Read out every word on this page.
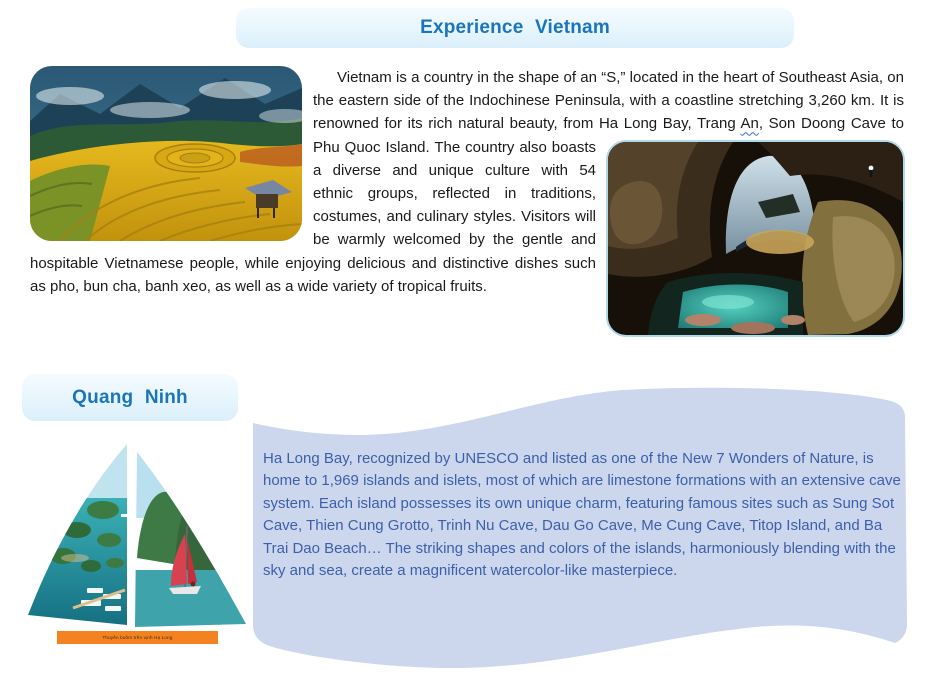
Experience Vietnam

Vietnam is a country in the shape of an “S,” located in the heart of Southeast Asia, on the eastern side of the Indochinese Peninsula, with a coastline stretching 3,260 km. It is renowned for its rich natural beauty, from Ha Long Bay, Trang An, Son Doong Cave to Phu Quoc Island. The country also boasts a diverse and unique culture with 54 ethnic groups, reflected in traditions, costumes, and culinary styles. Visitors will be warmly welcomed by the gentle and hospitable Vietnamese people, while enjoying delicious and distinctive dishes such as pho, bun cha, banh xeo, as well as a wide variety of tropical fruits.

Quang Ninh
Ha Long Bay, recognized by UNESCO and listed as one of the New 7 Wonders of Nature, is home to 1,969 islands and islets, most of which are limestone formations with an extensive cave system. Each island possesses its own unique charm, featuring famous sites such as Sung Sot Cave, Thien Cung Grotto, Trinh Nu Cave, Dau Go Cave, Me Cung Cave, Titop Island, and Ba Trai Dao Beach… The striking shapes and colors of the islands, harmoniously blending with the sky and sea, create a magnificent watercolor-like masterpiece.
Thuyền buồm trên vịnh Hạ Long
